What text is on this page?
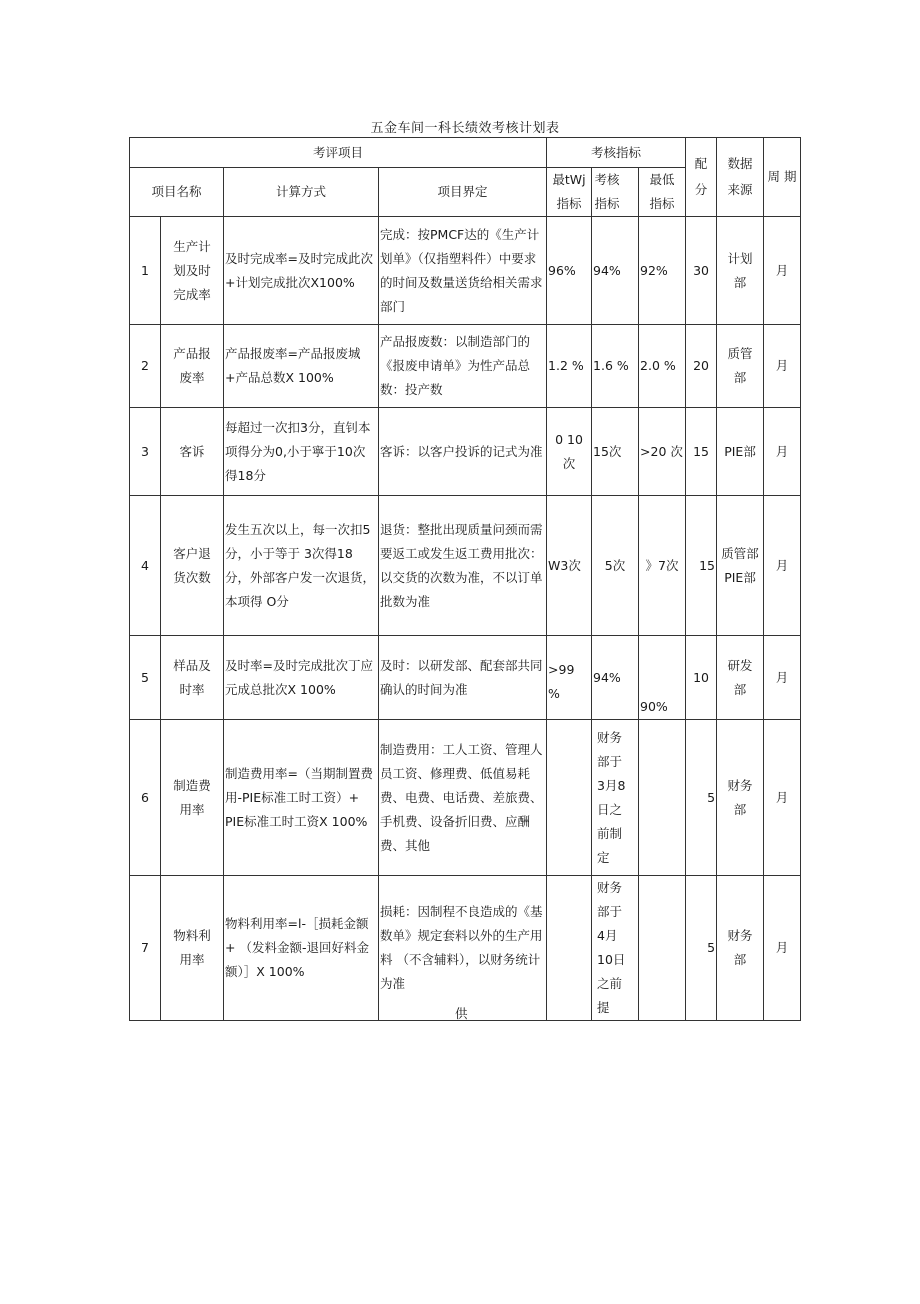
五金车间一科长绩效考核计划表
考评项目				考核指标			配分	数据来源	周 期
项目名称		计算方式	项目界定	最tWj指标	考核指标	最低指标			

1	生产计划及时完成率	及时完成率=及时完成此次+计划完成批次X100%	完成：按PMCF达的《生产计划单》（仅指塑料件）中要求的时间及数量送货给相关需求部门	96%	94%	92%	30	计划部	月
2	产品报废率	产品报废率=产品报废城+产品总数X 100%	产品报废数：以制造部门的《报废申请单》为性产品总数：投产数	1.2 %	1.6 %	2.0 %	20	质管部	月
3	客诉	每超过一次扣3分，直钊本项得分为0,小于寧于10次得18分	客诉：以客户投诉的记式为准	0 10次	15次	>20 次	15	PIE部	月
4	客户退货次数	发生五次以上，每一次扣5分，小于等于 3次得18分，外部客户发一次退货，本项得 O分	退货：整批出现质量问颈而需要返工或发生返工费用批次：以交货的次数为准，不以订单批数为准	W3次	5次	》7次	15	质管部PIE部	月
5	样品及时率	及时率=及时完成批次丁应元成总批次X 100%	及时：以研发部、配套部共同确认的时间为准	>99 %	94%	90%	10	研发部	月
6	制造费用率	制造费用率=（当期制置费用-PIE标准工时工资）+ PIE标准工时工资X 100%	制造费用：工人工资、管理人员工资、修理费、低值易耗费、电费、电话费、差旅费、手机费、设备折旧费、应酬费、其他		财务部于3月8日之前制定		5	财务部	月
7	物料利用率	物料利用率=l-［损耗金额+ （发料金额-退回好料金额）］X 100%	损耗：因制程不良造成的《基数单》规定套料以外的生产用料 （不含辅料），以财务统计为准		财务部于4月10日之前提		5	财务部	月
供
